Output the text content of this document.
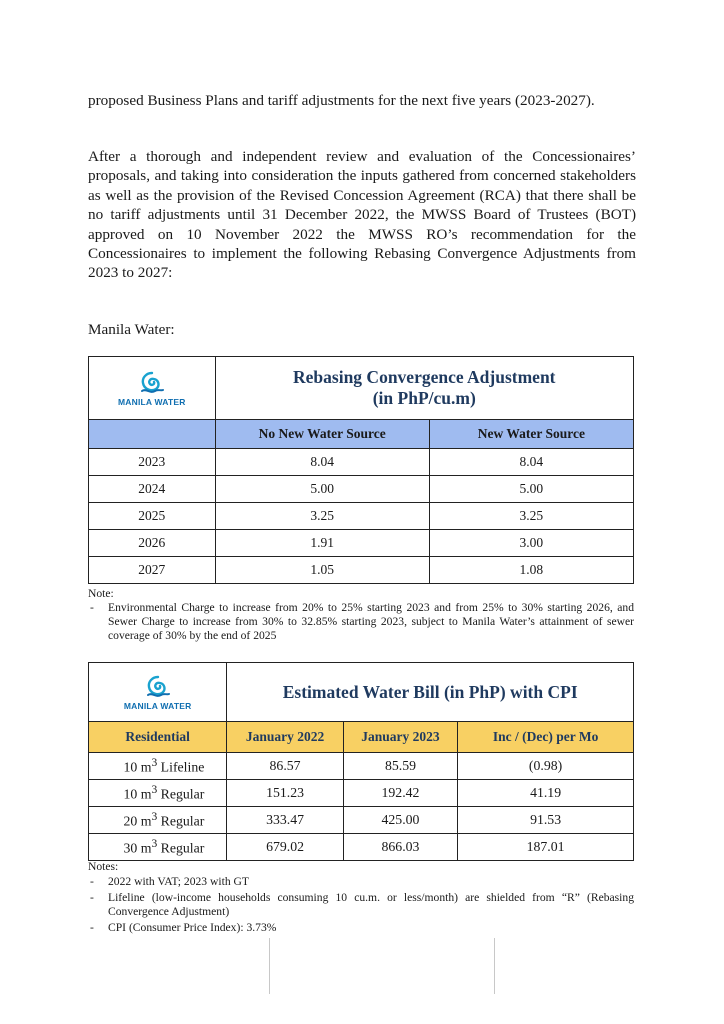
proposed Business Plans and tariff adjustments for the next five years (2023-2027).

After a thorough and independent review and evaluation of the Concessionaires’ proposals, and taking into consideration the inputs gathered from concerned stakeholders as well as the provision of the Revised Concession Agreement (RCA) that there shall be no tariff adjustments until 31 December 2022, the MWSS Board of Trustees (BOT) approved on 10 November 2022 the MWSS RO’s recommendation for the Concessionaires to implement the following Rebasing Convergence Adjustments from 2023 to 2027:

Manila Water:

MANILA WATER	Rebasing Convergence Adjustment
(in PhP/cu.m)	

	No New Water Source	New Water Source
2023	8.04	8.04
2024	5.00	5.00
2025	3.25	3.25
2026	1.91	3.00
2027	1.05	1.08

Note:

- Environmental Charge to increase from 20% to 25% starting 2023 and from 25% to 30% starting 2026, and Sewer Charge to increase from 30% to 32.85% starting 2023, subject to Manila Water’s attainment of sewer coverage of 30% by the end of 2025

MANILA WATER	Estimated Water Bill (in PhP) with CPI		
Residential	January 2022	January 2023	Inc / (Dec) per Mo
10 $m^3$ Lifeline	86.57	85.59	(0.98)
10 $m^3$ Regular	151.23	192.42	41.19
20 $m^3$ Regular	333.47	425.00	91.53
30 $m^3$ Regular	679.02	866.03	187.01

Notes:

- 2022 with VAT; 2023 with GT

- Lifeline (low-income households consuming 10 cu.m. or less/month) are shielded from “R” (Rebasing Convergence Adjustment)

- CPI (Consumer Price Index): 3.73%
